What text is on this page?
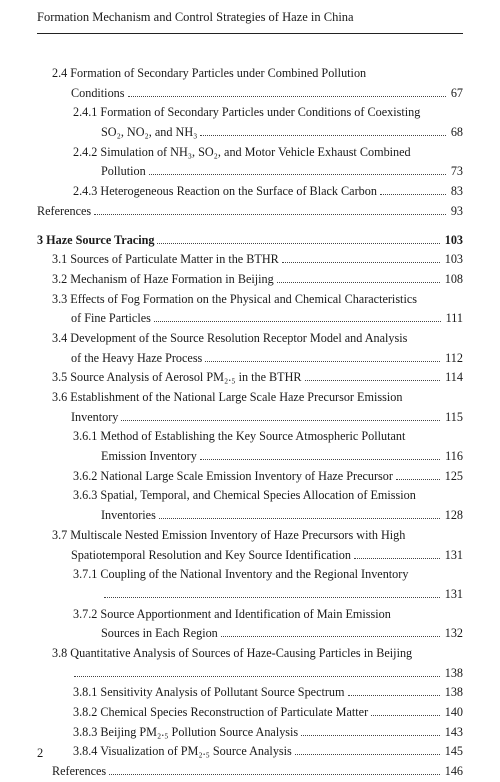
Formation Mechanism and Control Strategies of Haze in China
2.4 Formation of Secondary Particles under Combined Pollution
Conditions	67
2.4.1 Formation of Secondary Particles under Conditions of Coexisting
SO₂, NO₂, and NH₃	68
2.4.2 Simulation of NH₃, SO₂, and Motor Vehicle Exhaust Combined
Pollution	73
2.4.3 Heterogeneous Reaction on the Surface of Black Carbon	83
References	93
3 Haze Source Tracing	103
3.1 Sources of Particulate Matter in the BTHR	103
3.2 Mechanism of Haze Formation in Beijing	108
3.3 Effects of Fog Formation on the Physical and Chemical Characteristics
of Fine Particles	111
3.4 Development of the Source Resolution Receptor Model and Analysis
of the Heavy Haze Process	112
3.5 Source Analysis of Aerosol PM₂.₅ in the BTHR	114
3.6 Establishment of the National Large Scale Haze Precursor Emission
Inventory	115
3.6.1 Method of Establishing the Key Source Atmospheric Pollutant
Emission Inventory	116
3.6.2 National Large Scale Emission Inventory of Haze Precursor	125
3.6.3 Spatial, Temporal, and Chemical Species Allocation of Emission
Inventories	128
3.7 Multiscale Nested Emission Inventory of Haze Precursors with High
Spatiotemporal Resolution and Key Source Identification	131
3.7.1 Coupling of the National Inventory and the Regional Inventory
131
3.7.2 Source Apportionment and Identification of Main Emission
Sources in Each Region	132
3.8 Quantitative Analysis of Sources of Haze-Causing Particles in Beijing
138
3.8.1 Sensitivity Analysis of Pollutant Source Spectrum	138
3.8.2 Chemical Species Reconstruction of Particulate Matter	140
3.8.3 Beijing PM₂.₅ Pollution Source Analysis	143
3.8.4 Visualization of PM₂.₅ Source Analysis	145
References	146
2
